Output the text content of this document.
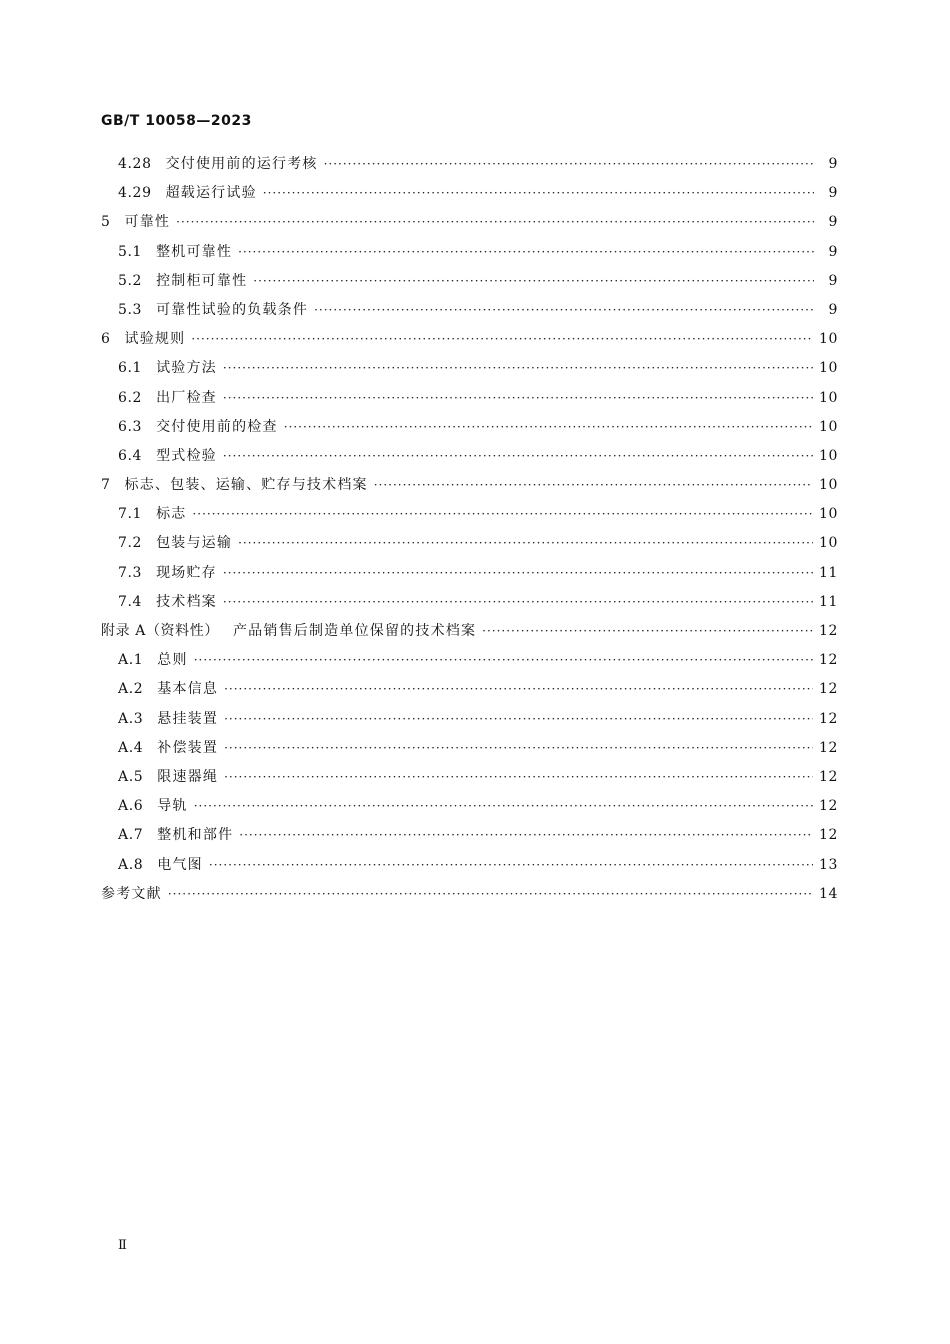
GB/T 10058—2023
4.28 交付使用前的运行考核 ·····	9
4.29 超载运行试验 ·····	9
5 可靠性 ·····	9
5.1 整机可靠性 ·····	9
5.2 控制柜可靠性 ·····	9
5.3 可靠性试验的负载条件 ·····	9
6 试验规则 ·····	10
6.1 试验方法 ·····	10
6.2 出厂检查 ·····	10
6.3 交付使用前的检查 ·····	10
6.4 型式检验 ·····	10
7 标志、包装、运输、贮存与技术档案 ·····	10
7.1 标志 ·····	10
7.2 包装与运输 ·····	10
7.3 现场贮存 ·····	11
7.4 技术档案 ·····	11
附录 A（资料性） 产品销售后制造单位保留的技术档案 ·····	12
A.1 总则 ·····	12
A.2 基本信息 ·····	12
A.3 悬挂装置 ·····	12
A.4 补偿装置 ·····	12
A.5 限速器绳 ·····	12
A.6 导轨 ·····	12
A.7 整机和部件 ·····	12
A.8 电气图 ·····	13
参考文献 ·····	14
Ⅱ
